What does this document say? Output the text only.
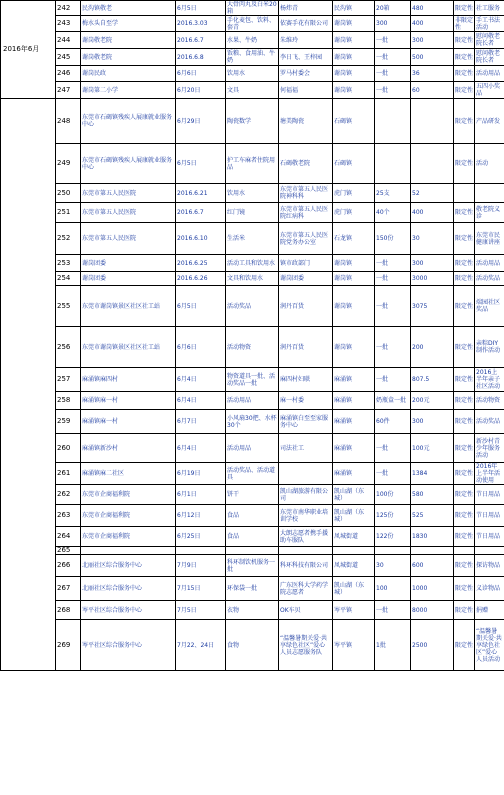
2016年6月	242	民沟镇敬老	6月5日	大骨肉丸及白米20箱	杨炜青	民沟镇	20箱	480	限定性	社工服务
	243	梅水头自至学	2016.3.03	手化麦包、饮料、套青	依赛手花有限公司	谢岗镇	300	400	非限定性	手工书法活动
	244	谢岗敬老院	2016.6.7	水果、牛奶	朱维玲	谢岗镇	一批	300	限定性	慰问敬老院长者
	245	谢岗敬老院	2016.6.8	饭粮、食用油、牛奶	李日飞、王梓园	谢岗镇	一批	500	限定性	慰问敬老院长者
	246	谢岗民政	6月6日	饮用水	罗马村委会	谢岗镇	一批	36	限定性	活动用品
	247	谢岗第二小学	6月20日	文具	何福福	谢岗镇	一批	60	限定性	五四小奖品
	248	东莞市石碣镇残疾人展康就业服务中心	6月29日	陶瓷数学	塘美陶瓷	石碣镇			限定性	产品研发
	249	东莞市石碣镇残疾人展康就业服务中心	6月5日	护工车麻者住院用品	石碣敬老院	石碣镇			限定性	活动
	250	东莞市第五人民医院	2016.6.21	饮用水	东莞市第五人民医院神科科	虎门镇	25支	52		
	251	东莞市第五人民医院	2016.6.7	红门镜	东莞市第五人民医院红病科	虎门镇	40个	400	限定性	敬老院义诊
	252	东莞市第五人民医院	2016.6.10	生活米	东莞市第五人民医院党务办公室	石龙镇	150份	30	限定性	东莞市民健康讲座
	253	谢岗团委	2016.6.25	活动工具和饮用水	镇市政部门	谢岗镇	一批	300	限定性	活动用品
	254	谢岗团委	2016.6.26	文具和饮用水	谢岗团委	谢岗镇	一批	3000	限定性	活动奖品
	255	东莞市谢岗镇景区社区社工站	6月5日	活动奖品	润丹百货	谢岗镇	一批	3075	限定性	端园社区奖品
	256	东莞市谢岗镇景区社区社工站	6月6日	活动物资	润丹百货	谢岗镇	一批	200	限定性	亲粽DIY制作活动
	257	麻涌镇麻四村	6月4日	物资道具一批、活动奖品一批	麻四村妇联	麻涌镇	一批	807.5	限定性	2016上半年亲子社区活动
	258	麻涌镇麻一村	6月4日	活动用品	麻一村委	麻涌镇	奶瓶盒一批	200元	限定性	活动物资
	259	麻涌镇麻一村	6月7日	小风扇30把、水杯30个	麻涌镇白至至家服务中心	麻涌镇	60件	300	限定性	活动奖品
	260	麻涌镇新沙村	6月4日	活动用品	司法社工	麻涌镇	一批	100元	限定性	新沙村青少年服务活动
	261	麻涌镇麻二社区	6月19日	活动奖品、活动道具		麻涌镇	一批	1384	限定性	2016年上半年活动使用
	262	东莞市企商福利院	6月1日	饼干	凯山湖旅游有限公司	凯山湖（东城）	100份	580	限定性	节日用品
	263	东莞市企商福利院	6月12日	食品	东莞市南华职业培训学校	凯山湖（东城）	125份	525	限定性	节日用品
	264	东莞市企商福利院	6月25日	食品	大朗志愿者携手援助车服队	凤城街道	122份	1830	限定性	节日用品
	265									
	266	北丽社区综合服务中心	7月9日	科环制饮机服务一批	科环科技有限公司	凤城街道	30	600	限定性	探访物品
	267	北丽社区综合服务中心	7月15日	环保袋一批	广东医科大学药学院志愿者	凯山湖（东城）	100	1000	限定性	义诊物品
	268	岑平社区综合服务中心	7月5日	衣物	OK车贝	岑平镇	一批	8000	限定性	捐赠
	269	岑平社区综合服务中心	7月22、24日	食物	“温馨暑期关爱·共享绿色社区”爱心人员志愿服务队	岑平镇	1批	2500	限定性	“温馨暑期关爱·共享绿色社区”爱心人员活动
